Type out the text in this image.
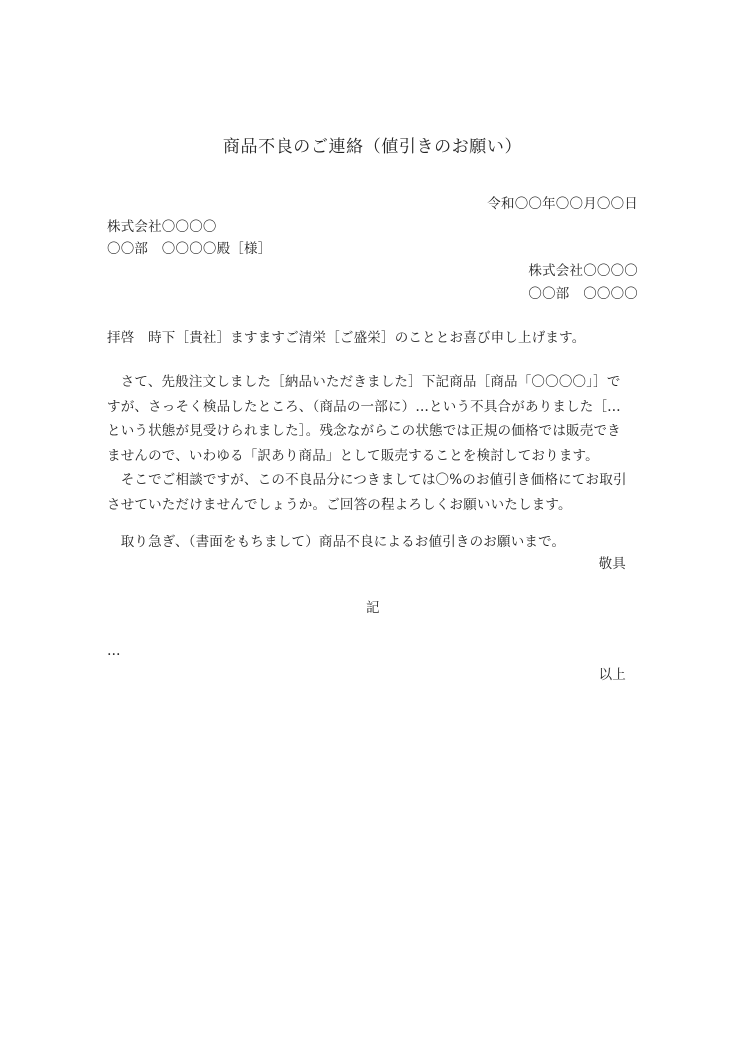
商品不良のご連絡（値引きのお願い）
令和〇〇年〇〇月〇〇日
株式会社〇〇〇〇
〇〇部　〇〇〇〇殿［様］
株式会社〇〇〇〇
〇〇部　〇〇〇〇
拝啓　時下［貴社］ますますご清栄［ご盛栄］のこととお喜び申し上げます。

　さて、先般注文しました［納品いただきました］下記商品［商品「〇〇〇〇」］で

すが、さっそく検品したところ、（商品の一部に）…という不具合がありました［…

という状態が見受けられました］。残念ながらこの状態では正規の価格では販売でき

ませんので、いわゆる「訳あり商品」として販売することを検討しております。

　そこでご相談ですが、この不良品分につきましては〇%のお値引き価格にてお取引

させていただけませんでしょうか。ご回答の程よろしくお願いいたします。

　取り急ぎ、（書面をもちまして）商品不良によるお値引きのお願いまで。
敬具
記
…
以上
